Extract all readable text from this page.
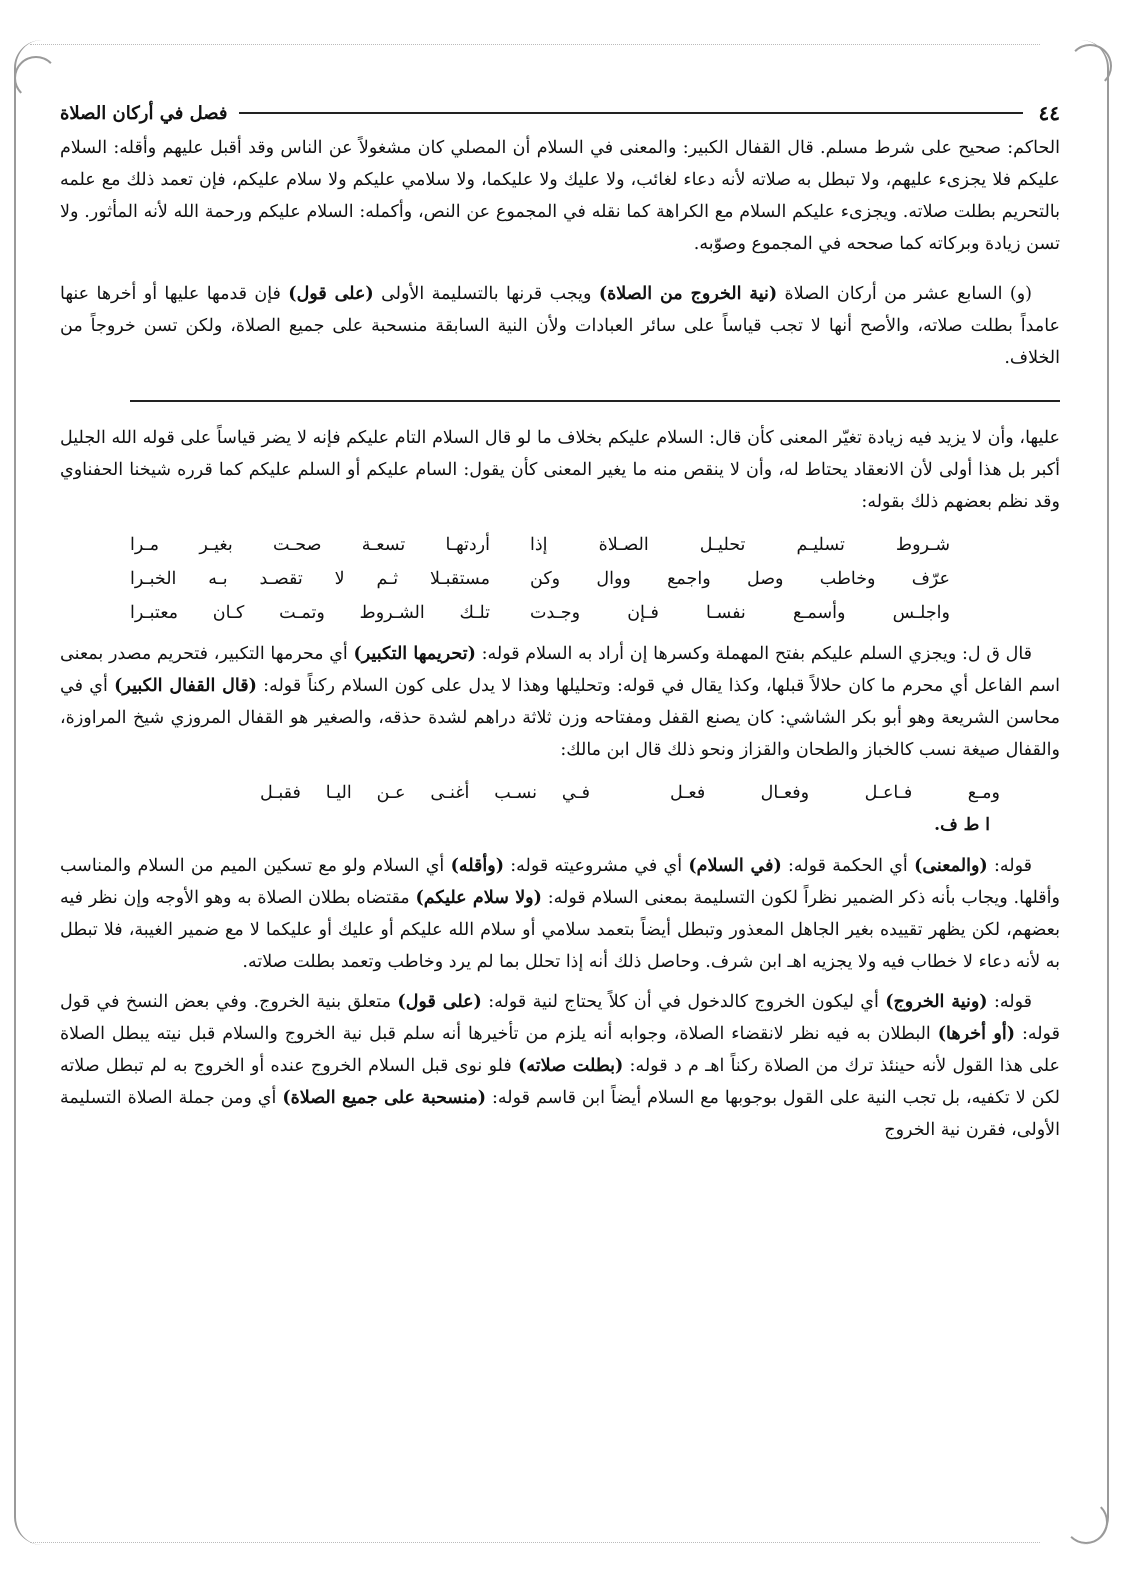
٤٤
فصل في أركان الصلاة

الحاكم: صحيح على شرط مسلم. قال القفال الكبير: والمعنى في السلام أن المصلي كان مشغولاً عن الناس وقد أقبل عليهم وأقله: السلام عليكم فلا يجزىء عليهم، ولا تبطل به صلاته لأنه دعاء لغائب، ولا عليك ولا عليكما، ولا سلامي عليكم ولا سلام عليكم، فإن تعمد ذلك مع علمه بالتحريم بطلت صلاته. ويجزىء عليكم السلام مع الكراهة كما نقله في المجموع عن النص، وأكمله: السلام عليكم ورحمة الله لأنه المأثور. ولا تسن زيادة وبركاته كما صححه في المجموع وصوّبه.

(و) السابع عشر من أركان الصلاة (نية الخروج من الصلاة) ويجب قرنها بالتسليمة الأولى (على قول) فإن قدمها عليها أو أخرها عنها عامداً بطلت صلاته، والأصح أنها لا تجب قياساً على سائر العبادات ولأن النية السابقة منسحبة على جميع الصلاة، ولكن تسن خروجاً من الخلاف.

عليها، وأن لا يزيد فيه زيادة تغيّر المعنى كأن قال: السلام عليكم بخلاف ما لو قال السلام التام عليكم فإنه لا يضر قياساً على قوله الله الجليل أكبر بل هذا أولى لأن الانعقاد يحتاط له، وأن لا ينقص منه ما يغير المعنى كأن يقول: السام عليكم أو السلم عليكم كما قرره شيخنا الحفناوي وقد نظم بعضهم ذلك بقوله:

شـروط تسليـم تحليـل الصـلاة إذا
أردتهـا تسعـة صحـت بغيـر مـرا
عرّف وخاطب وصل واجمع ووال وكن
مستقبـلا ثـم لا تقصـد بـه الخبـرا
واجلـس وأسمـع نفسـا فـإن وجـدت
تلـك الشـروط وتمـت كـان معتبـرا

قال ق ل: ويجزي السلم عليكم بفتح المهملة وكسرها إن أراد به السلام قوله: (تحريمها التكبير) أي محرمها التكبير، فتحريم مصدر بمعنى اسم الفاعل أي محرم ما كان حلالاً قبلها، وكذا يقال في قوله: وتحليلها وهذا لا يدل على كون السلام ركناً قوله: (قال القفال الكبير) أي في محاسن الشريعة وهو أبو بكر الشاشي: كان يصنع القفل ومفتاحه وزن ثلاثة دراهم لشدة حذقه، والصغير هو القفال المروزي شيخ المراوزة، والقفال صيغة نسب كالخباز والطحان والقزاز ونحو ذلك قال ابن مالك:

ومـع فـاعـل وفعـال فعـل
فـي نسـب أغنـى عـن اليـا فقبـل
ا ط ف.

قوله: (والمعنى) أي الحكمة قوله: (في السلام) أي في مشروعيته قوله: (وأقله) أي السلام ولو مع تسكين الميم من السلام والمناسب وأقلها. ويجاب بأنه ذكر الضمير نظراً لكون التسليمة بمعنى السلام قوله: (ولا سلام عليكم) مقتضاه بطلان الصلاة به وهو الأوجه وإن نظر فيه بعضهم، لكن يظهر تقييده بغير الجاهل المعذور وتبطل أيضاً بتعمد سلامي أو سلام الله عليكم أو عليك أو عليكما لا مع ضمير الغيبة، فلا تبطل به لأنه دعاء لا خطاب فيه ولا يجزيه اهـ ابن شرف. وحاصل ذلك أنه إذا تحلل بما لم يرد وخاطب وتعمد بطلت صلاته.

قوله: (ونية الخروج) أي ليكون الخروج كالدخول في أن كلاً يحتاج لنية قوله: (على قول) متعلق بنية الخروج. وفي بعض النسخ في قول قوله: (أو أخرها) البطلان به فيه نظر لانقضاء الصلاة، وجوابه أنه يلزم من تأخيرها أنه سلم قبل نية الخروج والسلام قبل نيته يبطل الصلاة على هذا القول لأنه حينئذ ترك من الصلاة ركناً اهـ م د قوله: (بطلت صلاته) فلو نوى قبل السلام الخروج عنده أو الخروج به لم تبطل صلاته لكن لا تكفيه، بل تجب النية على القول بوجوبها مع السلام أيضاً ابن قاسم قوله: (منسحبة على جميع الصلاة) أي ومن جملة الصلاة التسليمة الأولى، فقرن نية الخروج
